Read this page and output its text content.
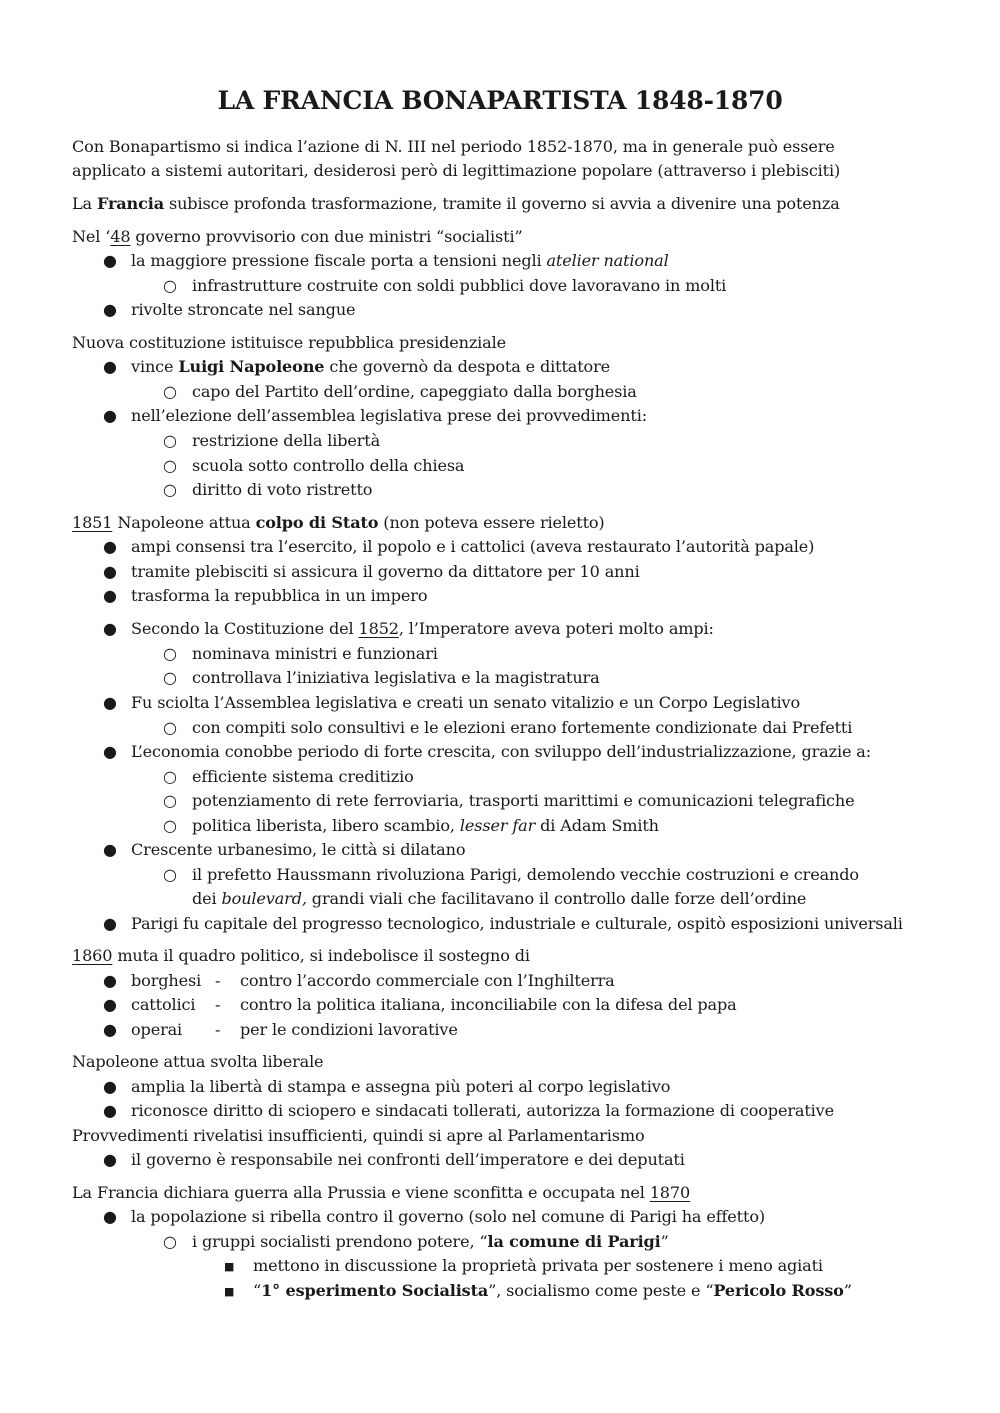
LA FRANCIA BONAPARTISTA 1848-1870
Con Bonapartismo si indica l’azione di N. III nel periodo 1852-1870, ma in generale può essere
applicato a sistemi autoritari, desiderosi però di legittimazione popolare (attraverso i plebisciti)
La Francia subisce profonda trasformazione, tramite il governo si avvia a divenire una potenza
Nel ‘48 governo provvisorio con due ministri “socialisti”
● la maggiore pressione fiscale porta a tensioni negli atelier national
○ infrastrutture costruite con soldi pubblici dove lavoravano in molti
● rivolte stroncate nel sangue
Nuova costituzione istituisce repubblica presidenziale
● vince Luigi Napoleone che governò da despota e dittatore
○ capo del Partito dell’ordine, capeggiato dalla borghesia
● nell’elezione dell’assemblea legislativa prese dei provvedimenti:
○ restrizione della libertà
○ scuola sotto controllo della chiesa
○ diritto di voto ristretto
1851 Napoleone attua colpo di Stato (non poteva essere rieletto)
● ampi consensi tra l’esercito, il popolo e i cattolici (aveva restaurato l’autorità papale)
● tramite plebisciti si assicura il governo da dittatore per 10 anni
● trasforma la repubblica in un impero
● Secondo la Costituzione del 1852, l’Imperatore aveva poteri molto ampi:
○ nominava ministri e funzionari
○ controllava l’iniziativa legislativa e la magistratura
● Fu sciolta l’Assemblea legislativa e creati un senato vitalizio e un Corpo Legislativo
○ con compiti solo consultivi e le elezioni erano fortemente condizionate dai Prefetti
● L’economia conobbe periodo di forte crescita, con sviluppo dell’industrializzazione, grazie a:
○ efficiente sistema creditizio
○ potenziamento di rete ferroviaria, trasporti marittimi e comunicazioni telegrafiche
○ politica liberista, libero scambio, lesser far di Adam Smith
● Crescente urbanesimo, le città si dilatano
○ il prefetto Haussmann rivoluziona Parigi, demolendo vecchie costruzioni e creando
dei boulevard, grandi viali che facilitavano il controllo dalle forze dell’ordine
● Parigi fu capitale del progresso tecnologico, industriale e culturale, ospitò esposizioni universali
1860 muta il quadro politico, si indebolisce il sostegno di
● borghesi - contro l’accordo commerciale con l’Inghilterra
● cattolici - contro la politica italiana, inconciliabile con la difesa del papa
● operai - per le condizioni lavorative
Napoleone attua svolta liberale
● amplia la libertà di stampa e assegna più poteri al corpo legislativo
● riconosce diritto di sciopero e sindacati tollerati, autorizza la formazione di cooperative
Provvedimenti rivelatisi insufficienti, quindi si apre al Parlamentarismo
● il governo è responsabile nei confronti dell’imperatore e dei deputati
La Francia dichiara guerra alla Prussia e viene sconfitta e occupata nel 1870
● la popolazione si ribella contro il governo (solo nel comune di Parigi ha effetto)
○ i gruppi socialisti prendono potere, “la comune di Parigi”
■ mettono in discussione la proprietà privata per sostenere i meno agiati
■ “1° esperimento Socialista”, socialismo come peste e “Pericolo Rosso”
